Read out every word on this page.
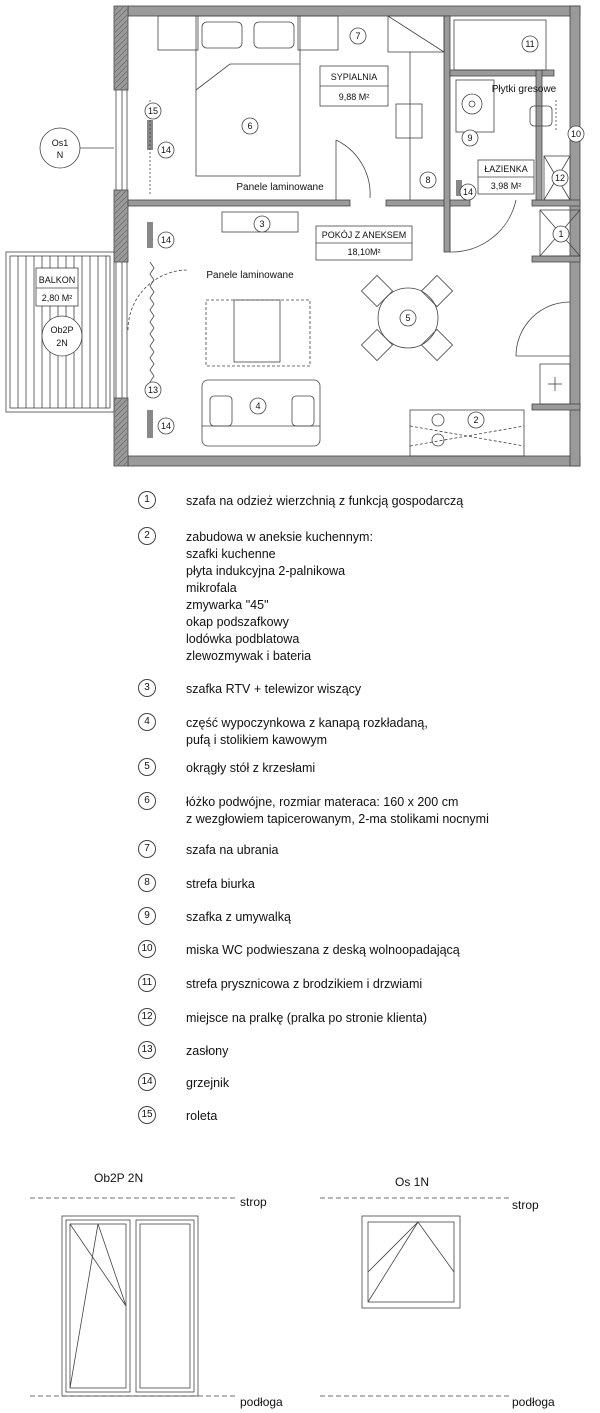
BALKON
2,80 M²
Os1
N
Ob2P
2N
SYPIALNIA
9,88 M²
Panele laminowane
Płytki gresowe
ŁAZIENKA
3,98 M²
POKÓJ Z ANEKSEM
18,10M²
Panele laminowane
1
2
3
4
5
6
7
8
9	10
11
12
13
14
14
14
14
15
1	szafa na odzież wierzchnią z funkcją gospodarczą
2	zabudowa w aneksie kuchennym:
szafki kuchenne
płyta indukcyjna 2-palnikowa
mikrofala
zmywarka "45"
okap podszafkowy
lodówka podblatowa
zlewozmywak i bateria
3	szafka RTV + telewizor wiszący
4	część wypoczynkowa z kanapą rozkładaną,
pufą i stolikiem kawowym
5	okrągły stół z krzesłami
6	łóżko podwójne, rozmiar materaca: 160 x 200 cm
z wezgłowiem tapicerowanym, 2-ma stolikami nocnymi
7	szafa na ubrania
8	strefa biurka
9	szafka z umywalką
10	miska WC podwieszana z deską wolnoopadającą
11	strefa prysznicowa z brodzikiem i drzwiami
12	miejsce na pralkę (pralka po stronie klienta)
13	zasłony
14	grzejnik
15	roleta
Ob2P 2N
strop
podłoga
Os 1N
strop
podłoga
